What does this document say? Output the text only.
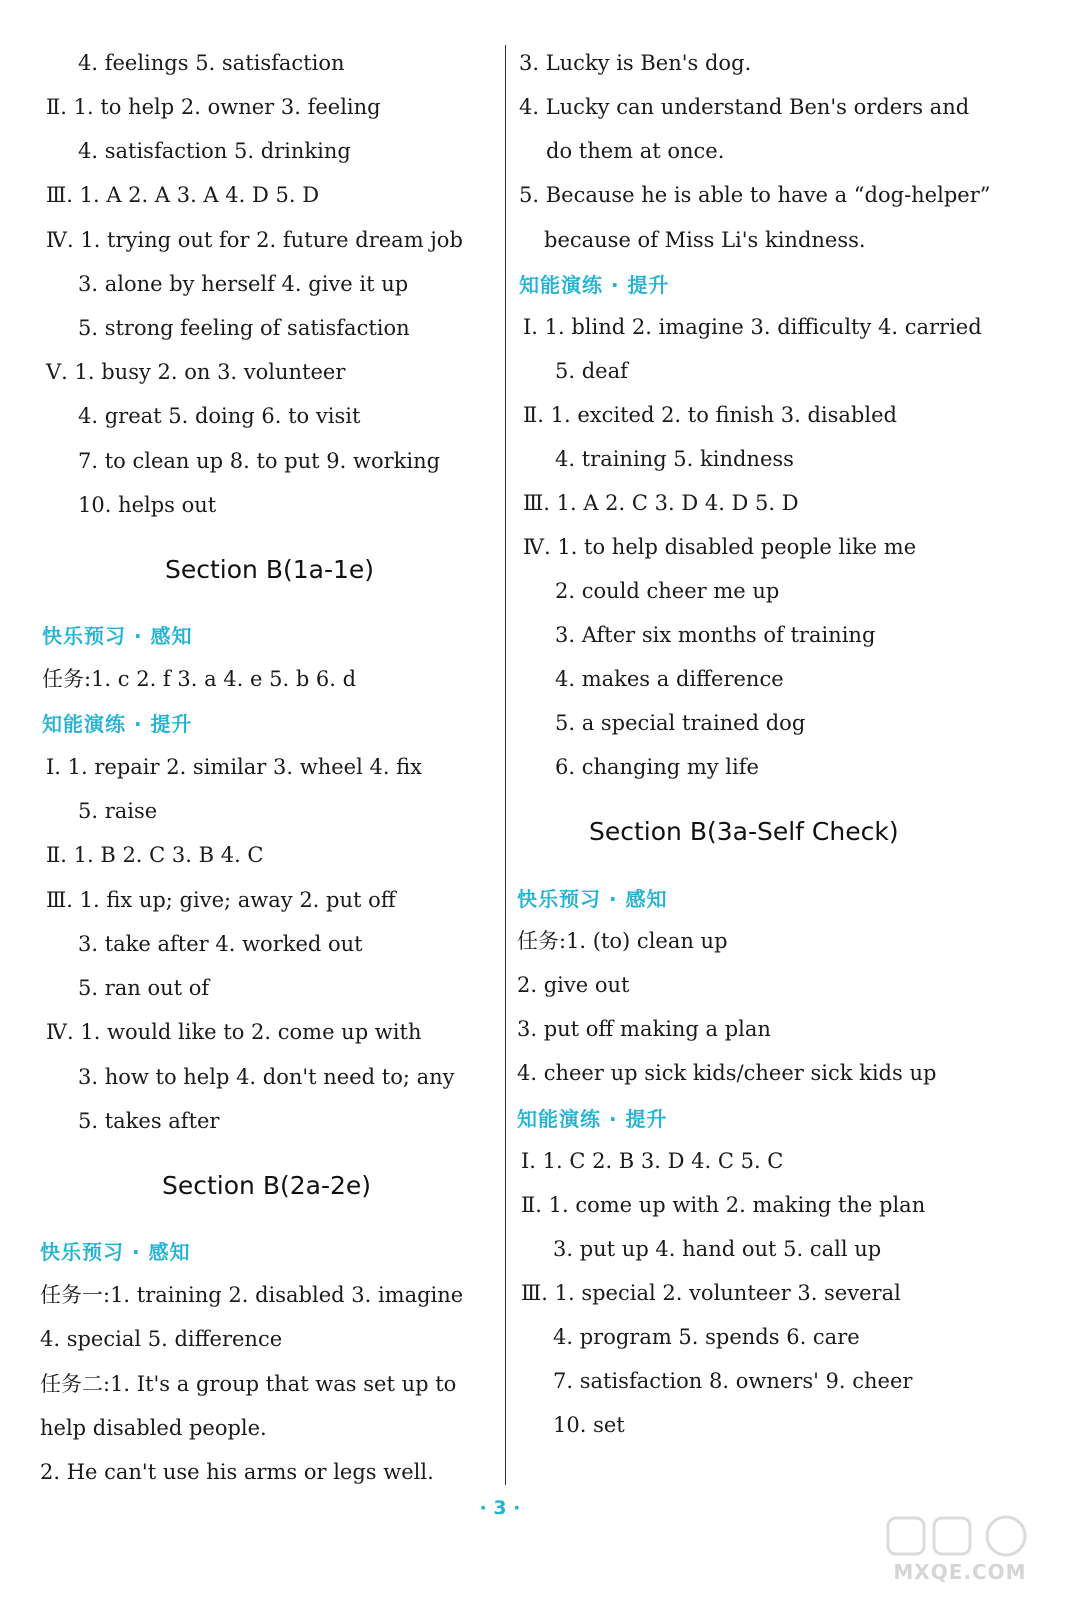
4. feelings 5. satisfaction
Ⅱ. 1. to help 2. owner 3. feeling
4. satisfaction 5. drinking
Ⅲ. 1. A 2. A 3. A 4. D 5. D
Ⅳ. 1. trying out for 2. future dream job
3. alone by herself 4. give it up
5. strong feeling of satisfaction
Ⅴ. 1. busy 2. on 3. volunteer
4. great 5. doing 6. to visit
7. to clean up 8. to put 9. working
10. helps out
Section B(1a-1e)
快乐预习 · 感知
任务:1. c 2. f 3. a 4. e 5. b 6. d
知能演练 · 提升
Ⅰ. 1. repair 2. similar 3. wheel 4. fix
5. raise
Ⅱ. 1. B 2. C 3. B 4. C
Ⅲ. 1. fix up; give; away 2. put off
3. take after 4. worked out
5. ran out of
Ⅳ. 1. would like to 2. come up with
3. how to help 4. don't need to; any
5. takes after
Section B(2a-2e)
快乐预习 · 感知
任务一:1. training 2. disabled 3. imagine
4. special 5. difference
任务二:1. It's a group that was set up to
help disabled people.
2. He can't use his arms or legs well.
3. Lucky is Ben's dog.
4. Lucky can understand Ben's orders and
do them at once.
5. Because he is able to have a “dog-helper”
because of Miss Li's kindness.
知能演练 · 提升
Ⅰ. 1. blind 2. imagine 3. difficulty 4. carried
5. deaf
Ⅱ. 1. excited 2. to finish 3. disabled
4. training 5. kindness
Ⅲ. 1. A 2. C 3. D 4. D 5. D
Ⅳ. 1. to help disabled people like me
2. could cheer me up
3. After six months of training
4. makes a difference
5. a special trained dog
6. changing my life
Section B(3a-Self Check)
快乐预习 · 感知
任务:1. (to) clean up
2. give out
3. put off making a plan
4. cheer up sick kids/cheer sick kids up
知能演练 · 提升
Ⅰ. 1. C 2. B 3. D 4. C 5. C
Ⅱ. 1. come up with 2. making the plan
3. put up 4. hand out 5. call up
Ⅲ. 1. special 2. volunteer 3. several
4. program 5. spends 6. care
7. satisfaction 8. owners' 9. cheer
10. set
· 3 ·
MXQE.COM
